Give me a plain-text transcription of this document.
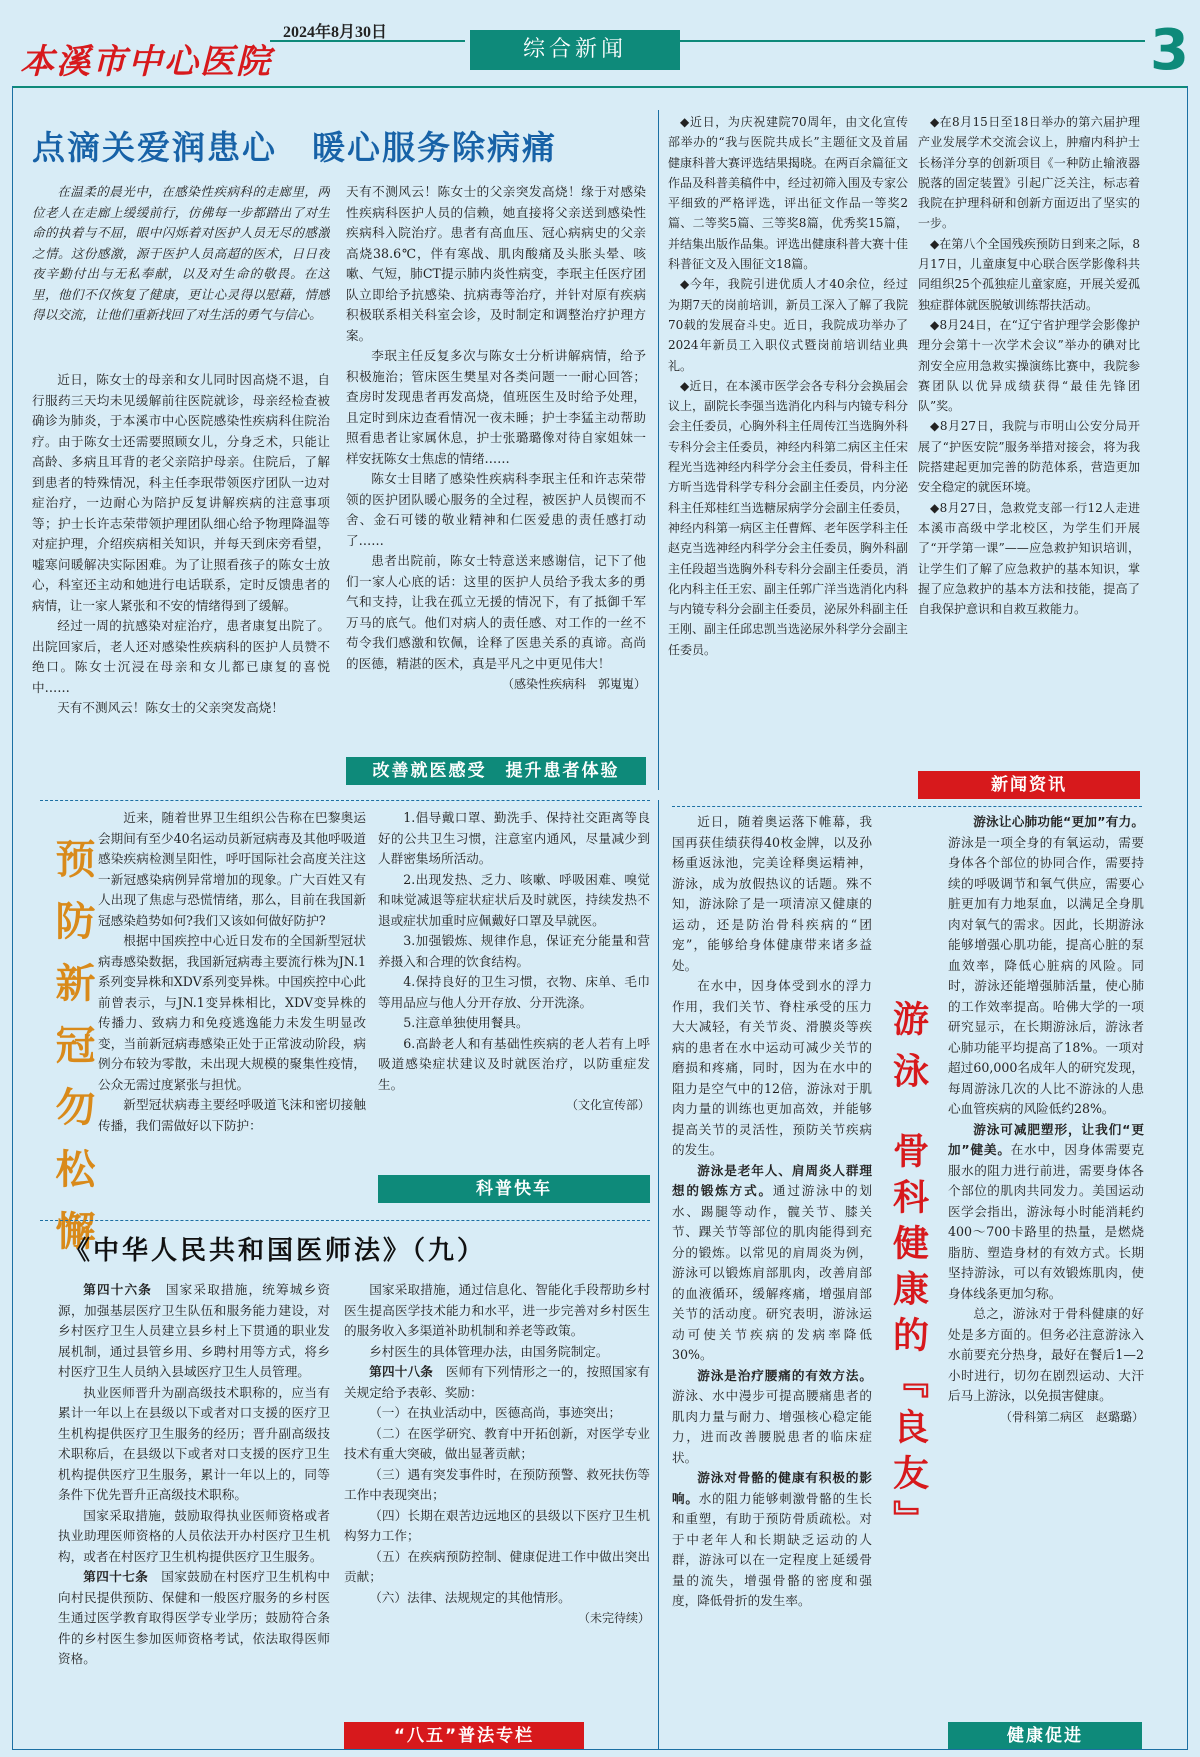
本溪市中心医院
2024年8月30日
综合新闻	3
点滴关爱润患心　暖心服务除病痛

在温柔的晨光中，在感染性疾病科的走廊里，两位老人在走廊上缓缓前行，仿佛每一步都踏出了对生命的执着与不屈，眼中闪烁着对医护人员无尽的感激之情。这份感激，源于医护人员高超的医术，日日夜夜辛勤付出与无私奉献，以及对生命的敬畏。在这里，他们不仅恢复了健康，更让心灵得以慰藉，情感得以交流，让他们重新找回了对生活的勇气与信心。

近日，陈女士的母亲和女儿同时因高烧不退，自行服药三天均未见缓解前往医院就诊，母亲经检查被确诊为肺炎，于本溪市中心医院感染性疾病科住院治疗。由于陈女士还需要照顾女儿，分身乏术，只能让高龄、多病且耳背的老父亲陪护母亲。住院后，了解到患者的特殊情况，科主任李珉带领医疗团队一边对症治疗，一边耐心为陪护反复讲解疾病的注意事项等；护士长许志荣带领护理团队细心给予物理降温等对症护理，介绍疾病相关知识，并每天到床旁看望，嘘寒问暖解决实际困难。为了让照看孩子的陈女士放心，科室还主动和她进行电话联系，定时反馈患者的病情，让一家人紧张和不安的情绪得到了缓解。

经过一周的抗感染对症治疗，患者康复出院了。出院回家后，老人还对感染性疾病科的医护人员赞不绝口。陈女士沉浸在母亲和女儿都已康复的喜悦中……

天有不测风云！陈女士的父亲突发高烧！

天有不测风云！陈女士的父亲突发高烧！缘于对感染性疾病科医护人员的信赖，她直接将父亲送到感染性疾病科入院治疗。患者有高血压、冠心病病史的父亲高烧38.6℃，伴有寒战、肌肉酸痛及头胀头晕、咳嗽、气短，肺CT提示肺内炎性病变，李珉主任医疗团队立即给予抗感染、抗病毒等治疗，并针对原有疾病积极联系相关科室会诊，及时制定和调整治疗护理方案。

李珉主任反复多次与陈女士分析讲解病情，给予积极施治；管床医生樊星对各类问题一一耐心回答；查房时发现患者再发高烧，值班医生及时给予处理，且定时到床边查看情况一夜未睡；护士李猛主动帮助照看患者让家属休息，护士张璐璐像对待自家姐妹一样安抚陈女士焦虑的情绪……

陈女士目睹了感染性疾病科李珉主任和许志荣带领的医护团队暖心服务的全过程，被医护人员锲而不舍、金石可镂的敬业精神和仁医爱患的责任感打动了……

患者出院前，陈女士特意送来感谢信，记下了他们一家人心底的话：这里的医护人员给予我太多的勇气和支持，让我在孤立无援的情况下，有了抵御千军万马的底气。他们对病人的责任感、对工作的一丝不苟令我们感激和钦佩，诠释了医患关系的真谛。高尚的医德，精湛的医术，真是平凡之中更见伟大！

（感染性疾病科　郭嵬嵬）
改善就医感受　提升患者体验

◆近日，为庆祝建院70周年，由文化宣传部举办的“我与医院共成长”主题征文及首届健康科普大赛评选结果揭晓。在两百余篇征文作品及科普美稿件中，经过初筛入围及专家公平细致的严格评选，评出征文作品一等奖2篇、二等奖5篇、三等奖8篇，优秀奖15篇，并结集出版作品集。评选出健康科普大赛十佳科普征文及入围征文18篇。

◆今年，我院引进优质人才40余位，经过为期7天的岗前培训，新员工深入了解了我院70载的发展奋斗史。近日，我院成功举办了2024年新员工入职仪式暨岗前培训结业典礼。

◆近日，在本溪市医学会各专科分会换届会议上，副院长李强当选消化内科与内镜专科分会主任委员，心胸外科主任周传江当选胸外科专科分会主任委员，神经内科第二病区主任宋程光当选神经内科学分会主任委员，骨科主任方昕当选骨科学专科分会副主任委员，内分泌科主任郑桂红当选糖尿病学分会副主任委员，神经内科第一病区主任曹辉、老年医学科主任赵克当选神经内科学分会主任委员，胸外科副主任段超当选胸外科专科分会副主任委员，消化内科主任王宏、副主任郭广洋当选消化内科与内镜专科分会副主任委员，泌尿外科副主任王刚、副主任邱忠凯当选泌尿外科学分会副主任委员。

◆在8月15日至18日举办的第六届护理产业发展学术交流会议上，肿瘤内科护士长杨洋分享的创新项目《一种防止输液器脱落的固定装置》引起广泛关注，标志着我院在护理科研和创新方面迈出了坚实的一步。

◆在第八个全国残疾预防日到来之际，8月17日，儿童康复中心联合医学影像科共同组织25个孤独症儿童家庭，开展关爱孤独症群体就医脱敏训练帮扶活动。

◆8月24日，在“辽宁省护理学会影像护理分会第十一次学术会议”举办的碘对比剂安全应用急救实操演练比赛中，我院参赛团队以优异成绩获得“最佳先锋团队”奖。

◆8月27日，我院与市明山公安分局开展了“护医安院”服务举措对接会，将为我院搭建起更加完善的防范体系，营造更加安全稳定的就医环境。

◆8月27日，急救党支部一行12人走进本溪市高级中学北校区，为学生们开展了“开学第一课”——应急救护知识培训，让学生们了解了应急救护的基本知识，掌握了应急救护的基本方法和技能，提高了自我保护意识和自救互救能力。

新闻资讯
预防新冠勿松懈

近来，随着世界卫生组织公告称在巴黎奥运会期间有至少40名运动员新冠病毒及其他呼吸道感染疾病检测呈阳性，呼吁国际社会高度关注这一新冠感染病例异常增加的现象。广大百姓又有人出现了焦虑与恐慌情绪，那么，目前在我国新冠感染趋势如何?我们又该如何做好防护?

根据中国疾控中心近日发布的全国新型冠状病毒感染数据，我国新冠病毒主要流行株为JN.1系列变异株和XDV系列变异株。中国疾控中心此前曾表示，与JN.1变异株相比，XDV变异株的传播力、致病力和免疫逃逸能力未发生明显改变，当前新冠病毒感染正处于正常波动阶段，病例分布较为零散，未出现大规模的聚集性疫情，公众无需过度紧张与担忧。

新型冠状病毒主要经呼吸道飞沫和密切接触传播，我们需做好以下防护：

1.倡导戴口罩、勤洗手、保持社交距离等良好的公共卫生习惯，注意室内通风，尽量减少到人群密集场所活动。

2.出现发热、乏力、咳嗽、呼吸困难、嗅觉和味觉减退等症状症状后及时就医，持续发热不退或症状加重时应佩戴好口罩及早就医。

3.加强锻炼、规律作息，保证充分能量和营养摄入和合理的饮食结构。

4.保持良好的卫生习惯，衣物、床单、毛巾等用品应与他人分开存放、分开洗涤。

5.注意单独使用餐具。

6.高龄老人和有基础性疾病的老人若有上呼吸道感染症状建议及时就医治疗，以防重症发生。

（文化宣传部）
科普快车
《中华人民共和国医师法》（九）

第四十六条　 国家采取措施，统筹城乡资源，加强基层医疗卫生队伍和服务能力建设，对乡村医疗卫生人员建立县乡村上下贯通的职业发展机制，通过县管乡用、乡聘村用等方式，将乡村医疗卫生人员纳入县域医疗卫生人员管理。

执业医师晋升为副高级技术职称的，应当有累计一年以上在县级以下或者对口支援的医疗卫生机构提供医疗卫生服务的经历；晋升副高级技术职称后，在县级以下或者对口支援的医疗卫生机构提供医疗卫生服务，累计一年以上的，同等条件下优先晋升正高级技术职称。

国家采取措施，鼓励取得执业医师资格或者执业助理医师资格的人员依法开办村医疗卫生机构，或者在村医疗卫生机构提供医疗卫生服务。

第四十七条　 国家鼓励在村医疗卫生机构中向村民提供预防、保健和一般医疗服务的乡村医生通过医学教育取得医学专业学历；鼓励符合条件的乡村医生参加医师资格考试，依法取得医师资格。

国家采取措施，通过信息化、智能化手段帮助乡村医生提高医学技术能力和水平，进一步完善对乡村医生的服务收入多渠道补助机制和养老等政策。

乡村医生的具体管理办法，由国务院制定。

第四十八条　 医师有下列情形之一的，按照国家有关规定给予表彰、奖励：

（一）在执业活动中，医德高尚，事迹突出；

（二）在医学研究、教育中开拓创新，对医学专业技术有重大突破，做出显著贡献；

（三）遇有突发事件时，在预防预警、救死扶伤等工作中表现突出；

（四）长期在艰苦边远地区的县级以下医疗卫生机构努力工作；

（五）在疾病预防控制、健康促进工作中做出突出贡献；

（六）法律、法规规定的其他情形。

（未完待续）
“八五”普法专栏

近日，随着奥运落下帷幕，我国再获佳绩获得40枚金牌，以及孙杨重返泳池，完美诠释奥运精神，游泳，成为放假热议的话题。殊不知，游泳除了是一项清凉又健康的运动，还是防治骨科疾病的“团宠”，能够给身体健康带来诸多益处。

在水中，因身体受到水的浮力作用，我们关节、脊柱承受的压力大大减轻，有关节炎、滑膜炎等疾病的患者在水中运动可减少关节的磨损和疼痛，同时，因为在水中的阻力是空气中的12倍，游泳对于肌肉力量的训练也更加高效，并能够提高关节的灵活性，预防关节疾病的发生。

游泳是老年人、肩周炎人群理想的锻炼方式。通过游泳中的划水、踢腿等动作，髋关节、膝关节、踝关节等部位的肌肉能得到充分的锻炼。以常见的肩周炎为例，游泳可以锻炼肩部肌肉，改善肩部的血液循环，缓解疼痛，增强肩部关节的活动度。研究表明，游泳运动可使关节疾病的发病率降低30%。

游泳是治疗腰痛的有效方法。游泳、水中漫步可提高腰痛患者的肌肉力量与耐力、增强核心稳定能力，进而改善腰脱患者的临床症状。

游泳对骨骼的健康有积极的影响。水的阻力能够刺激骨骼的生长和重塑，有助于预防骨质疏松。对于中老年人和长期缺乏运动的人群，游泳可以在一定程度上延缓骨量的流失，增强骨骼的密度和强度，降低骨折的发生率。

游泳
骨科健康的『良友』

游泳让心肺功能“更加”有力。游泳是一项全身的有氧运动，需要身体各个部位的协同合作，需要持续的呼吸调节和氧气供应，需要心脏更加有力地泵血，以满足全身肌肉对氧气的需求。因此，长期游泳能够增强心肌功能，提高心脏的泵血效率，降低心脏病的风险。同时，游泳还能增强肺活量，使心肺的工作效率提高。哈佛大学的一项研究显示，在长期游泳后，游泳者心肺功能平均提高了18%。一项对超过60,000名成年人的研究发现，每周游泳几次的人比不游泳的人患心血管疾病的风险低约28%。

游泳可减肥塑形，让我们“更加”健美。在水中，因身体需要克服水的阻力进行前进，需要身体各个部位的肌肉共同发力。美国运动医学会指出，游泳每小时能消耗约400～700卡路里的热量，是燃烧脂肪、塑造身材的有效方式。长期坚持游泳，可以有效锻炼肌肉，使身体线条更加匀称。

总之，游泳对于骨科健康的好处是多方面的。但务必注意游泳入水前要充分热身，最好在餐后1—2小时进行，切勿在剧烈运动、大汗后马上游泳，以免损害健康。

（骨科第二病区　赵璐璐）
健康促进
